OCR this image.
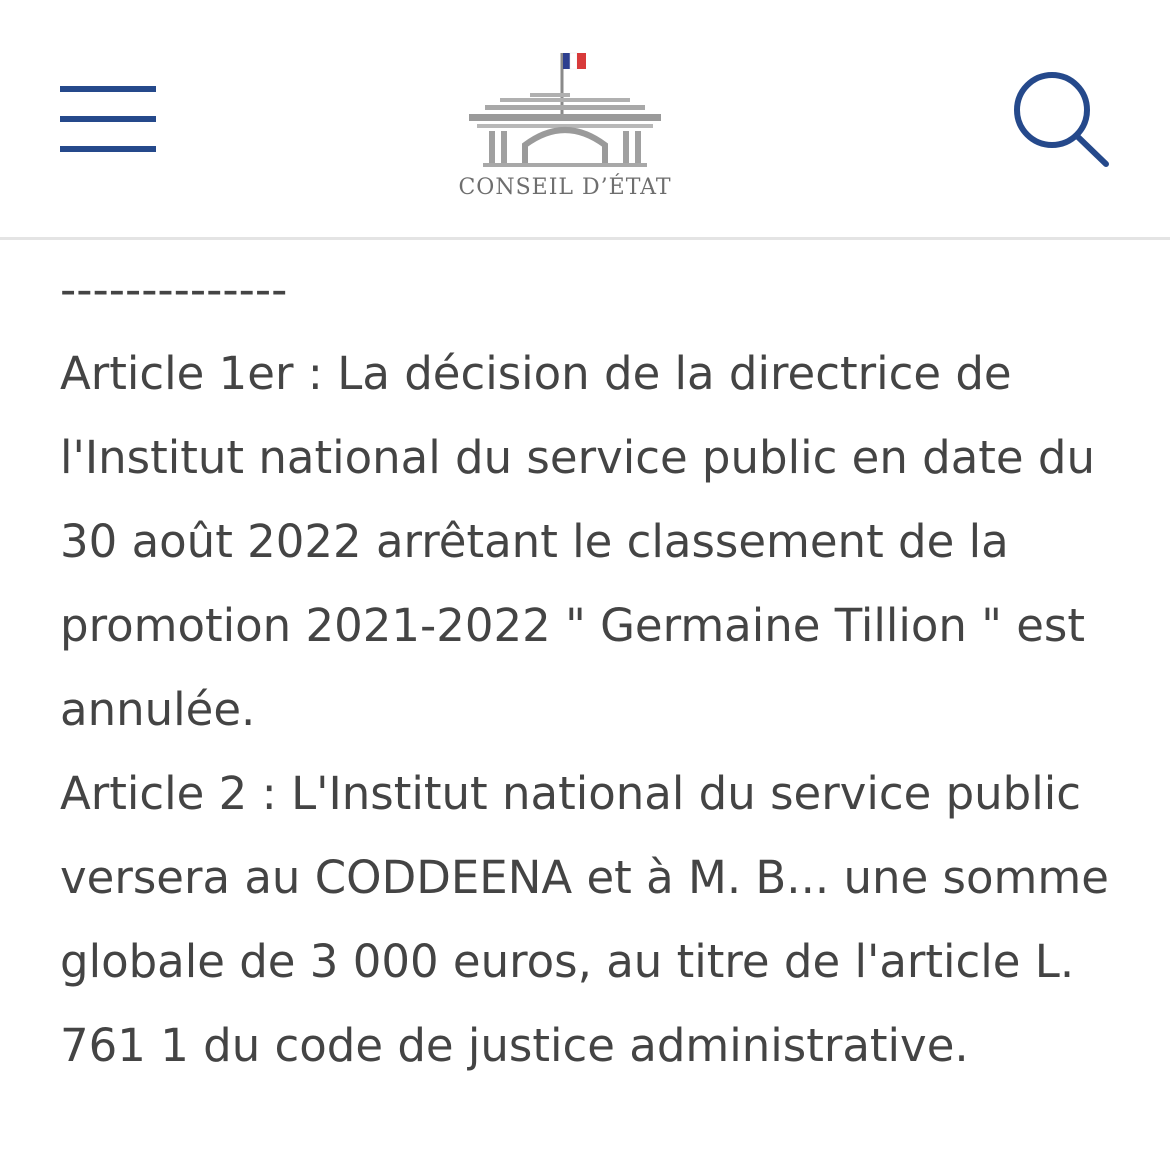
CONSEIL D’ÉTAT

--------------

Article 1er : La décision de la directrice de l'Institut national du service public en date du 30 août 2022 arrêtant le classement de la promotion 2021-2022 " Germaine Tillion " est annulée.

Article 2 : L'Institut national du service public versera au CODDEENA et à M. B... une somme globale de 3 000 euros, au titre de l'article L. 761 1 du code de justice administrative.
